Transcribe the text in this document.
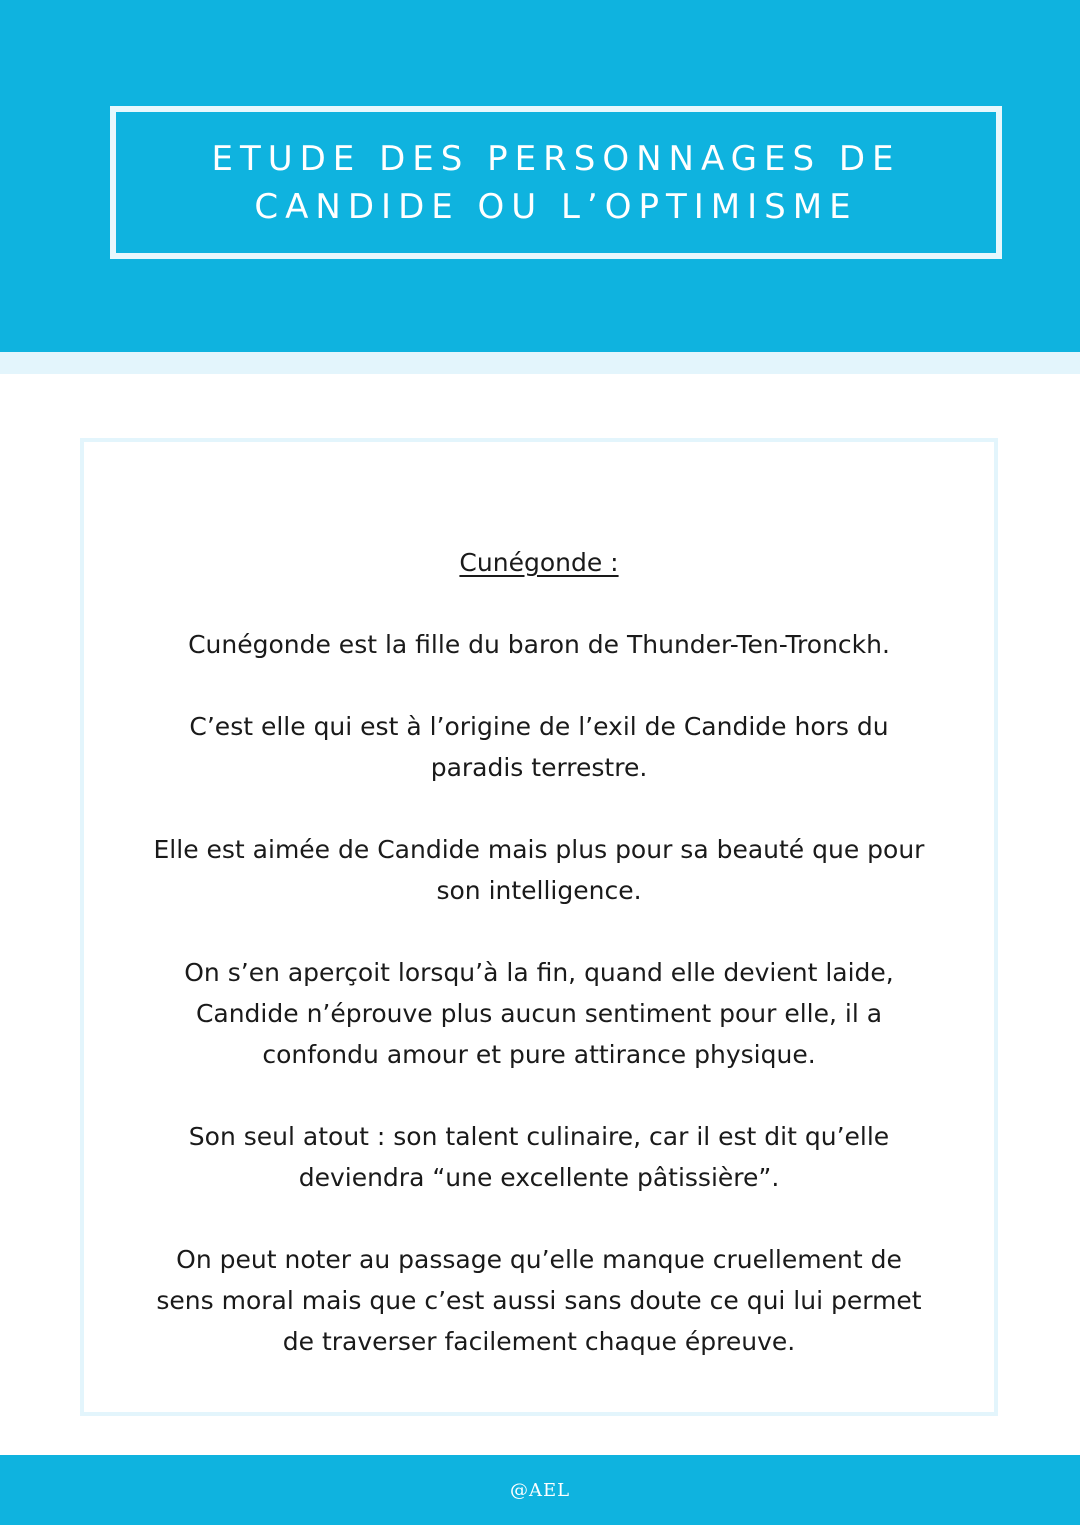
ETUDE DES PERSONNAGES DE
CANDIDE OU L’OPTIMISME
Cunégonde :

Cunégonde est la fille du baron de Thunder-Ten-Tronckh.

C’est elle qui est à l’origine de l’exil de Candide hors du paradis terrestre.

Elle est aimée de Candide mais plus pour sa beauté que pour son intelligence.

On s’en aperçoit lorsqu’à la fin, quand elle devient laide, Candide n’éprouve plus aucun sentiment pour elle, il a confondu amour et pure attirance physique.

Son seul atout : son talent culinaire, car il est dit qu’elle deviendra “une excellente pâtissière”.

On peut noter au passage qu’elle manque cruellement de sens moral mais que c’est aussi sans doute ce qui lui permet de traverser facilement chaque épreuve.

@AEL
